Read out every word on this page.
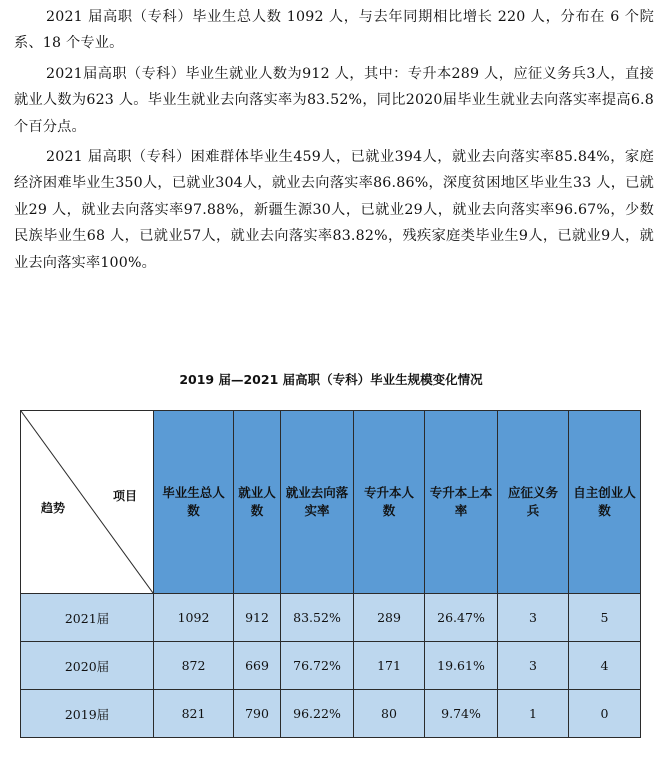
2021 届高职（专科）毕业生总人数 1092 人，与去年同期相比增长 220 人，分布在 6 个院系、18 个专业。

2021届高职（专科）毕业生就业人数为912 人，其中：专升本289 人，应征义务兵3人，直接就业人数为623 人。毕业生就业去向落实率为83.52%，同比2020届毕业生就业去向落实率提高6.8 个百分点。

2021 届高职（专科）困难群体毕业生459人，已就业394人，就业去向落实率85.84%，家庭经济困难毕业生350人，已就业304人，就业去向落实率86.86%，深度贫困地区毕业生33 人，已就业29 人，就业去向落实率97.88%，新疆生源30人，已就业29人，就业去向落实率96.67%，少数民族毕业生68 人，已就业57人，就业去向落实率83.82%，残疾家庭类毕业生9人，已就业9人，就业去向落实率100%。

2019 届—2021 届高职（专科）毕业生规模变化情况
项目
趋势	毕业生总人数	就业人数	就业去向落实率	专升本人数	专升本上本率	应征义务兵	自主创业人数
2021届	1092	912	83.52%	289	26.47%	3	5
2020届	872	669	76.72%	171	19.61%	3	4
2019届	821	790	96.22%	80	9.74%	1	0
